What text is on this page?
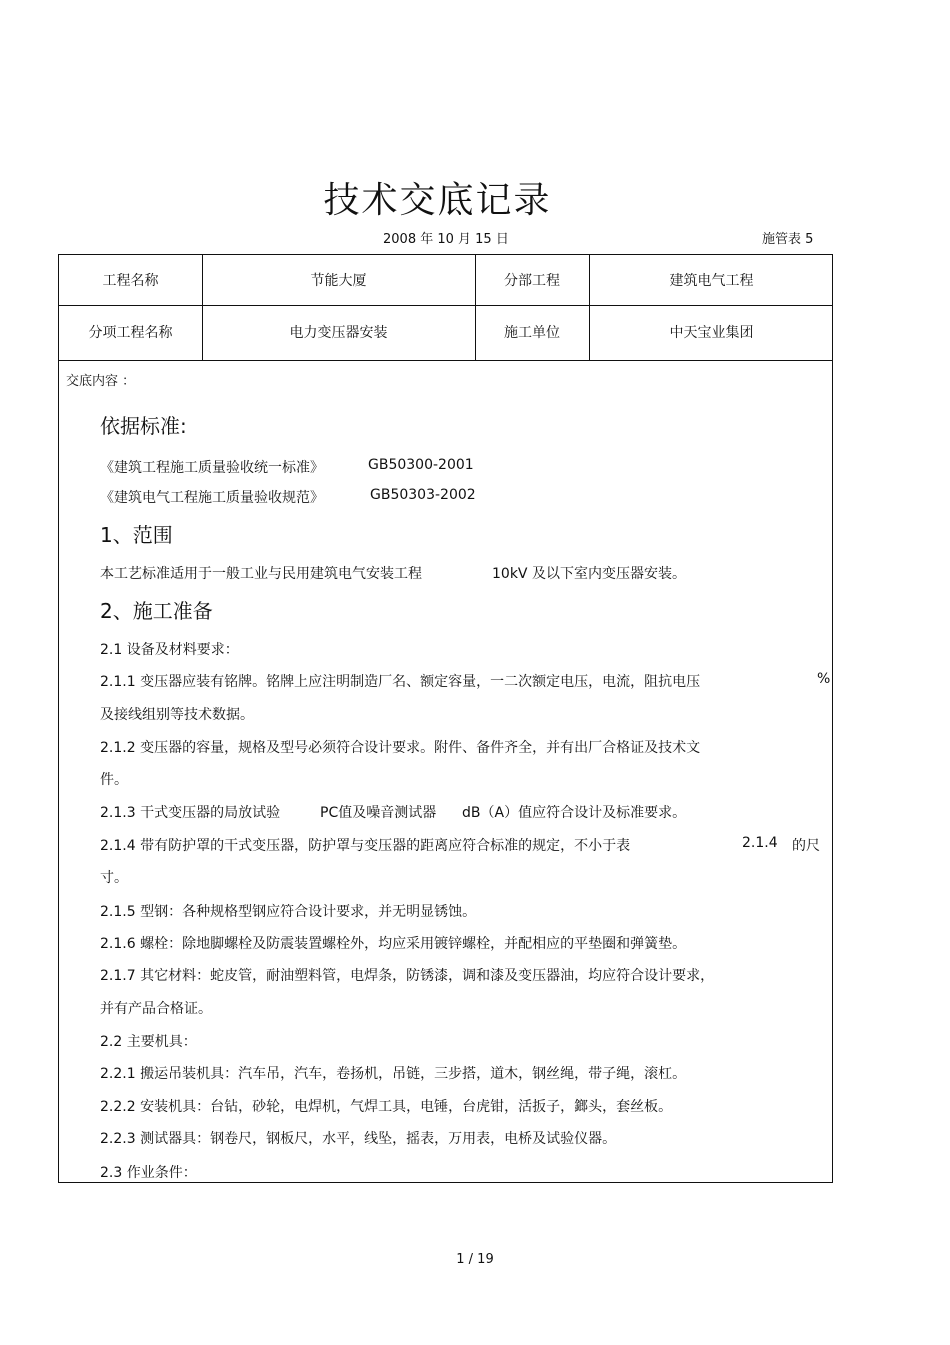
技术交底记录
2008 年 10 月 15 日	施管表 5
工程名称	节能大厦	分部工程	建筑电气工程
分项工程名称	电力变压器安装	施工单位	中天宝业集团
交底内容 ：
依据标准:
《建筑工程施工质量验收统一标准》	GB50300-2001
《建筑电气工程施工质量验收规范》	GB50303-2002
1、范围
本工艺标准适用于一般工业与民用建筑电气安装工程	10kV 及以下室内变压器安装。
2、施工准备
2.1 设备及材料要求：
2.1.1 变压器应装有铭牌。铭牌上应注明制造厂名、额定容量，一二次额定电压，电流，阻抗电压	%
及接线组别等技术数据。
2.1.2 变压器的容量，规格及型号必须符合设计要求。附件、备件齐全，并有出厂合格证及技术文
件。
2.1.3 干式变压器的局放试验	PC值及噪音测试器 dB（A）值应符合设计及标准要求。
2.1.4 带有防护罩的干式变压器，防护罩与变压器的距离应符合标准的规定，不小于表	2.1.4 的尺
寸。
2.1.5 型钢：各种规格型钢应符合设计要求，并无明显锈蚀。
2.1.6 螺栓：除地脚螺栓及防震装置螺栓外，均应采用镀锌螺栓，并配相应的平垫圈和弹簧垫。
2.1.7 其它材料：蛇皮管，耐油塑料管，电焊条，防锈漆，调和漆及变压器油，均应符合设计要求，
并有产品合格证。
2.2 主要机具：
2.2.1 搬运吊装机具：汽车吊，汽车，卷扬机，吊链，三步搭，道木，钢丝绳，带子绳，滚杠。
2.2.2 安装机具：台钻，砂轮，电焊机，气焊工具，电锤，台虎钳，活扳子，鎯头，套丝板。
2.2.3 测试器具：钢卷尺，钢板尺，水平，线坠，摇表，万用表，电桥及试验仪器。
2.3 作业条件：
1 / 19
